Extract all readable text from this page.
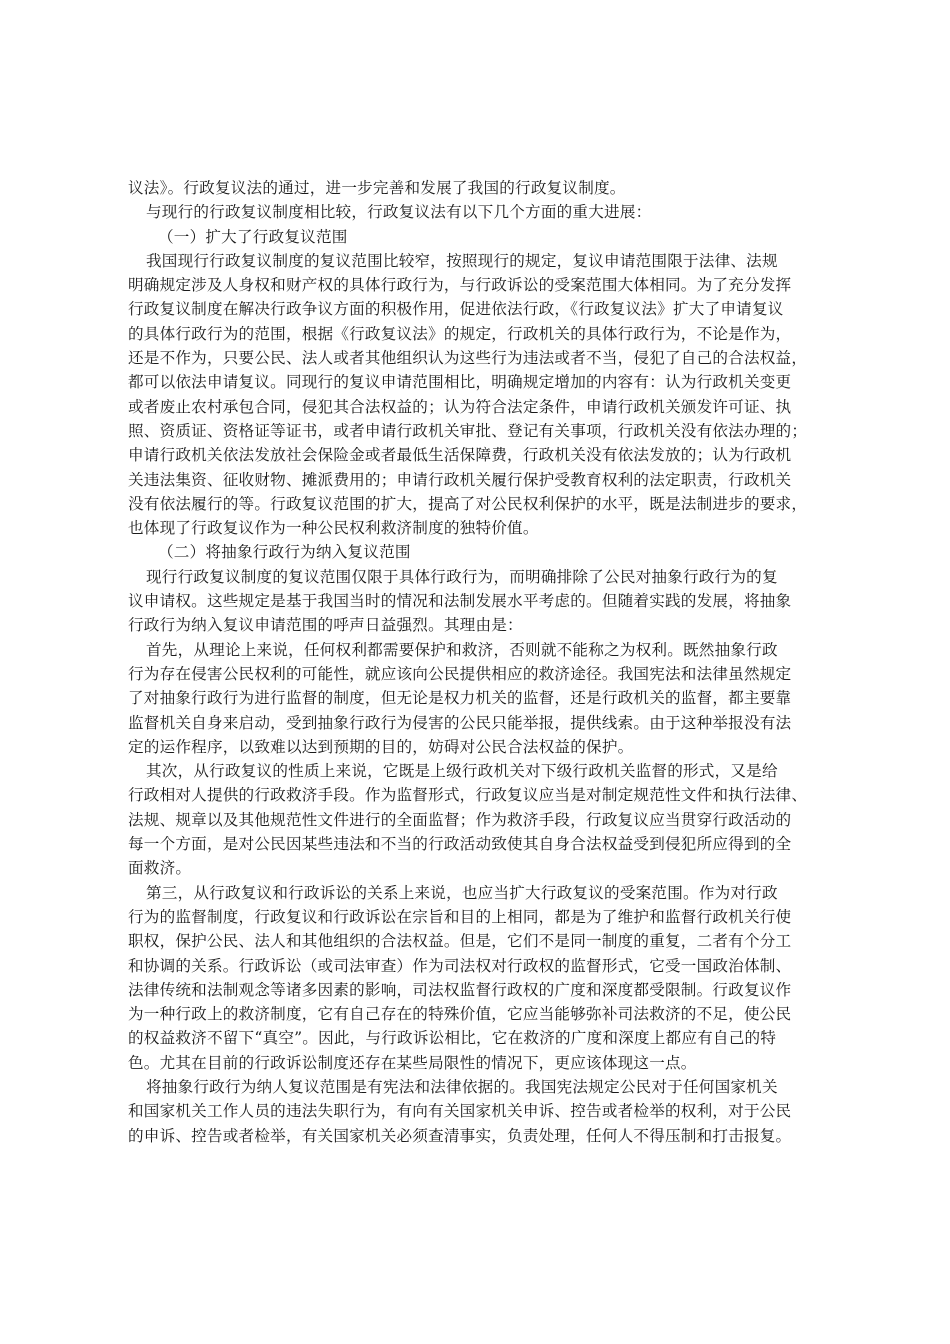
议法》。行政复议法的通过，进一步完善和发展了我国的行政复议制度。
与现行的行政复议制度相比较，行政复议法有以下几个方面的重大进展：
（一）扩大了行政复议范围
我国现行行政复议制度的复议范围比较窄，按照现行的规定，复议申请范围限于法律、法规
明确规定涉及人身权和财产权的具体行政行为，与行政诉讼的受案范围大体相同。为了充分发挥
行政复议制度在解决行政争议方面的积极作用，促进依法行政，《行政复议法》扩大了申请复议
的具体行政行为的范围，根据《行政复议法》的规定，行政机关的具体行政行为，不论是作为，
还是不作为，只要公民、法人或者其他组织认为这些行为违法或者不当，侵犯了自己的合法权益，
都可以依法申请复议。同现行的复议申请范围相比，明确规定增加的内容有：认为行政机关变更
或者废止农村承包合同，侵犯其合法权益的；认为符合法定条件，申请行政机关颁发许可证、执
照、资质证、资格证等证书，或者申请行政机关审批、登记有关事项，行政机关没有依法办理的；
申请行政机关依法发放社会保险金或者最低生活保障费，行政机关没有依法发放的；认为行政机
关违法集资、征收财物、摊派费用的；申请行政机关履行保护受教育权利的法定职责，行政机关
没有依法履行的等。行政复议范围的扩大，提高了对公民权利保护的水平，既是法制进步的要求，
也体现了行政复议作为一种公民权利救济制度的独特价值。
（二）将抽象行政行为纳入复议范围
现行行政复议制度的复议范围仅限于具体行政行为，而明确排除了公民对抽象行政行为的复
议申请权。这些规定是基于我国当时的情况和法制发展水平考虑的。但随着实践的发展，将抽象
行政行为纳入复议申请范围的呼声日益强烈。其理由是：
首先，从理论上来说，任何权利都需要保护和救济，否则就不能称之为权利。既然抽象行政
行为存在侵害公民权利的可能性，就应该向公民提供相应的救济途径。我国宪法和法律虽然规定
了对抽象行政行为进行监督的制度，但无论是权力机关的监督，还是行政机关的监督，都主要靠
监督机关自身来启动，受到抽象行政行为侵害的公民只能举报，提供线索。由于这种举报没有法
定的运作程序，以致难以达到预期的目的，妨碍对公民合法权益的保护。
其次，从行政复议的性质上来说，它既是上级行政机关对下级行政机关监督的形式，又是给
行政相对人提供的行政救济手段。作为监督形式，行政复议应当是对制定规范性文件和执行法律、
法规、规章以及其他规范性文件进行的全面监督；作为救济手段，行政复议应当贯穿行政活动的
每一个方面，是对公民因某些违法和不当的行政活动致使其自身合法权益受到侵犯所应得到的全
面救济。
第三，从行政复议和行政诉讼的关系上来说，也应当扩大行政复议的受案范围。作为对行政
行为的监督制度，行政复议和行政诉讼在宗旨和目的上相同，都是为了维护和监督行政机关行使
职权，保护公民、法人和其他组织的合法权益。但是，它们不是同一制度的重复，二者有个分工
和协调的关系。行政诉讼（或司法审查）作为司法权对行政权的监督形式，它受一国政治体制、
法律传统和法制观念等诸多因素的影响，司法权监督行政权的广度和深度都受限制。行政复议作
为一种行政上的救济制度，它有自己存在的特殊价值，它应当能够弥补司法救济的不足，使公民
的权益救济不留下“真空”。因此，与行政诉讼相比，它在救济的广度和深度上都应有自己的特
色。尤其在目前的行政诉讼制度还存在某些局限性的情况下，更应该体现这一点。
将抽象行政行为纳人复议范围是有宪法和法律依据的。我国宪法规定公民对于任何国家机关
和国家机关工作人员的违法失职行为，有向有关国家机关申诉、控告或者检举的权利，对于公民
的申诉、控告或者检举，有关国家机关必须查清事实，负责处理，任何人不得压制和打击报复。
